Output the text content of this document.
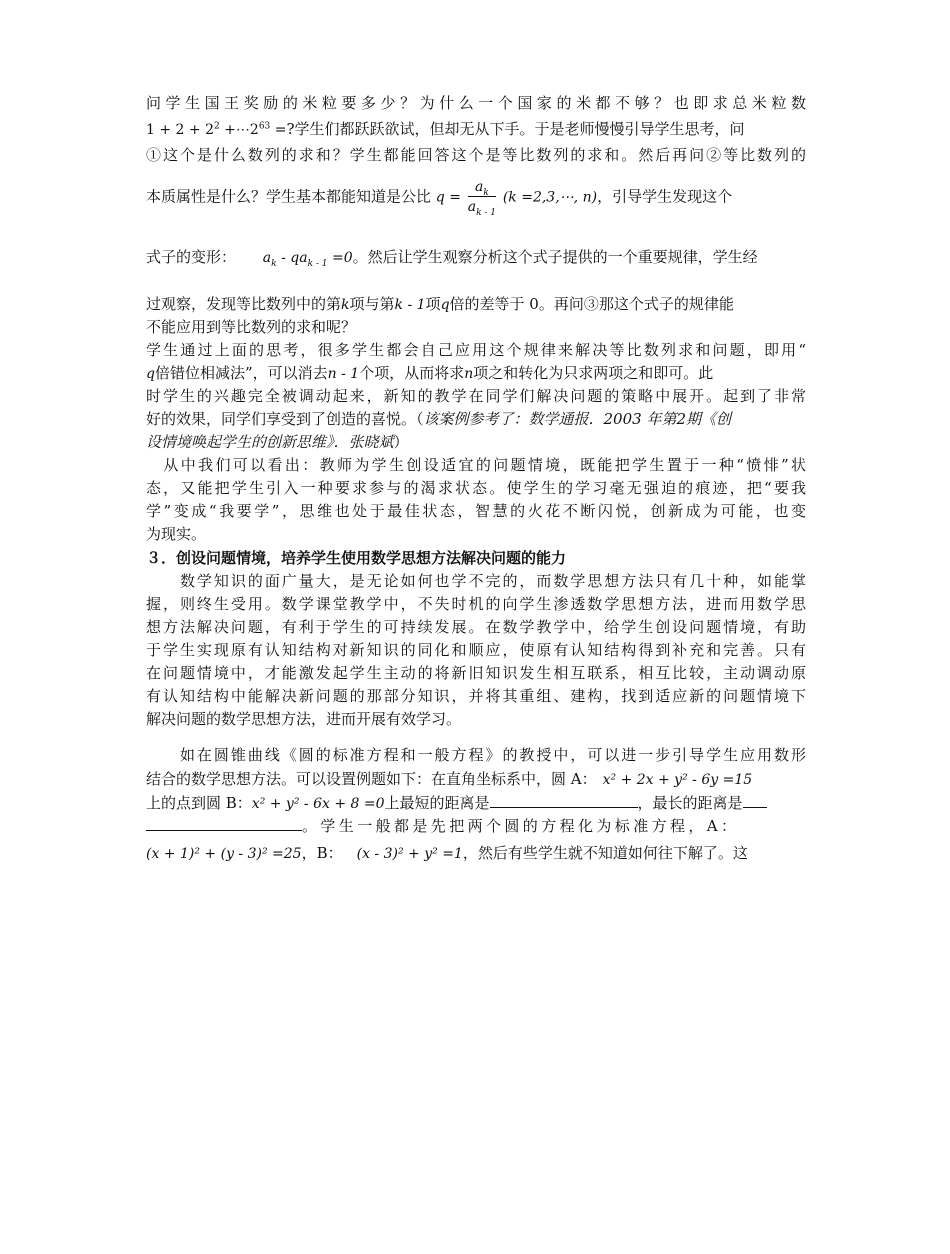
问学生国王奖励的米粒要多少？为什么一个国家的米都不够？也即求总米粒数
$1 + 2 + 2^2$ $+\cdots 2^{63}$ =?学生们都跃跃欲试，但却无从下手。于是老师慢慢引导学生思考，问
①这个是什么数列的求和？学生都能回答这个是等比数列的求和。然后再问②等比数列的
本质属性是什么？学生基本都能知道是公比 $q = \frac{a_k}{a_{k - 1}} (k$ =2,3,⋯, n)，引导学生发现这个
式子的变形： $a_k - qa_{k - 1} =0$。然后让学生观察分析这个式子提供的一个重要规律，学生经
过观察，发现等比数列中的第k项与第k - 1项q倍的差等于 0。再问③那这个式子的规律能
不能应用到等比数列的求和呢？
学生通过上面的思考，很多学生都会自己应用这个规律来解决等比数列求和问题，即用“
q倍错位相减法”，可以消去n - 1个项，从而将求n项之和转化为只求两项之和即可。此
时学生的兴趣完全被调动起来，新知的教学在同学们解决问题的策略中展开。起到了非常
好的效果，同学们享受到了创造的喜悦。（该案例参考了：数学通报．2003 年第2期《创
设情境唤起学生的创新思维》．张晓斌）
　从中我们可以看出：教师为学生创设适宜的问题情境，既能把学生置于一种“愤悱”状
态，又能把学生引入一种要求参与的渴求状态。使学生的学习毫无强迫的痕迹，把“要我
学”变成“我要学”，思维也处于最佳状态，智慧的火花不断闪悦，创新成为可能，也变
为现实。
３．创设问题情境，培养学生使用数学思想方法解决问题的能力
　　数学知识的面广量大，是无论如何也学不完的，而数学思想方法只有几十种，如能掌
握，则终生受用。数学课堂教学中，不失时机的向学生渗透数学思想方法，进而用数学思
想方法解决问题，有利于学生的可持续发展。在数学教学中，给学生创设问题情境，有助
于学生实现原有认知结构对新知识的同化和顺应，使原有认知结构得到补充和完善。只有
在问题情境中，才能激发起学生主动的将新旧知识发生相互联系，相互比较，主动调动原
有认知结构中能解决新问题的那部分知识，并将其重组、建构，找到适应新的问题情境下
解决问题的数学思想方法，进而开展有效学习。
　　如在圆锥曲线《圆的标准方程和一般方程》的教授中，可以进一步引导学生应用数形
结合的数学思想方法。可以设置例题如下：在直角坐标系中，圆 A： x² + 2x + y² - 6y =15
上的点到圆 B：x² + y² - 6x + 8 =0上最短的距离是	，最长的距离是
。学生一般都是先把两个圆的方程化为标准方程，A：
(x + 1)² + (y - 3)² =25，B： (x - 3)² + y² =1，然后有些学生就不知道如何往下解了。这
